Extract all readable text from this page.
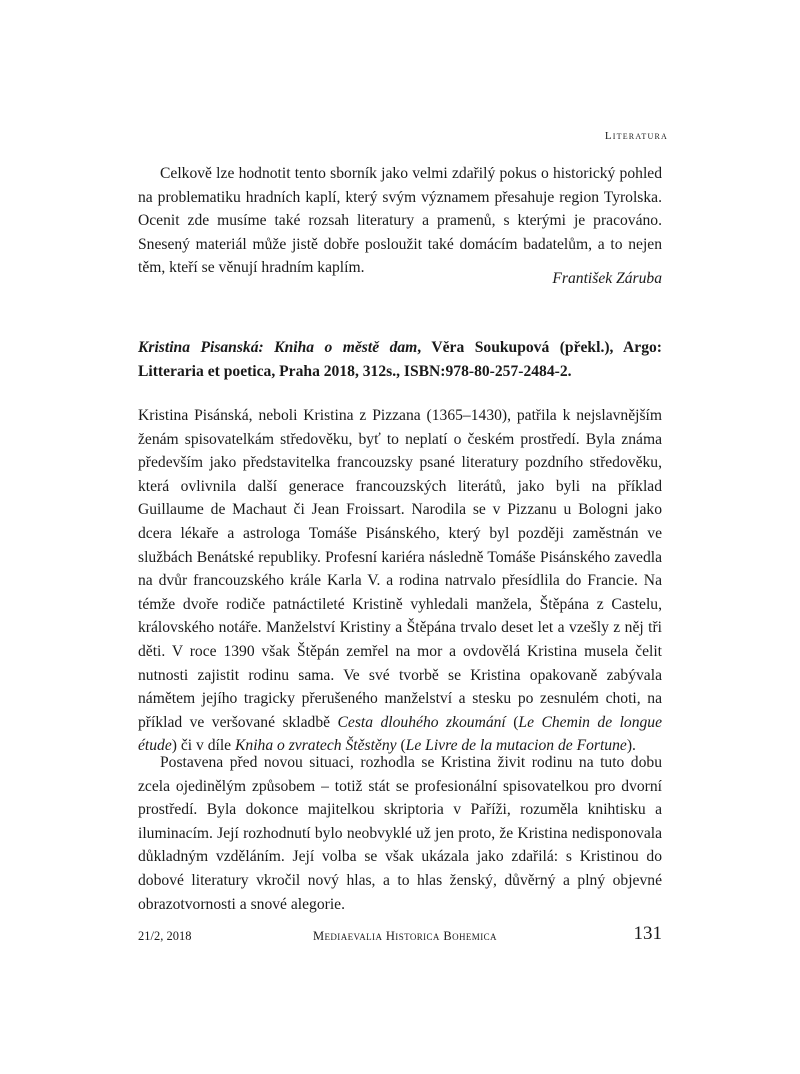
Literatura

Celkově lze hodnotit tento sborník jako velmi zdařilý pokus o historický pohled na problematiku hradních kaplí, který svým významem přesahuje region Tyrolska. Ocenit zde musíme také rozsah literatury a pramenů, s kterými je pracováno. Snesený materiál může jistě dobře posloužit také domácím badatelům, a to nejen těm, kteří se věnují hradním kaplím.

František Záruba

Kristina Pisanská: Kniha o městě dam, Věra Soukupová (překl.), Argo: Litteraria et poetica, Praha 2018, 312s., ISBN:978-80-257-2484-2.

Kristina Pisánská, neboli Kristina z Pizzana (1365–1430), patřila k nejslavnějším ženám spisovatelkám středověku, byť to neplatí o českém prostředí. Byla známa především jako představitelka francouzsky psané literatury pozdního středověku, která ovlivnila další generace francouzských literátů, jako byli na příklad Guillaume de Machaut či Jean Froissart. Narodila se v Pizzanu u Bologni jako dcera lékaře a astrologa Tomáše Pisánského, který byl později zaměstnán ve službách Benátské republiky. Profesní kariéra následně Tomáše Pisánského zavedla na dvůr francouzského krále Karla V. a rodina natrvalo přesídlila do Francie. Na témže dvoře rodiče patnáctileté Kristině vyhledali manžela, Štěpána z Castelu, královského notáře. Manželství Kristiny a Štěpána trvalo deset let a vzešly z něj tři děti. V roce 1390 však Štěpán zemřel na mor a ovdovělá Kristina musela čelit nutnosti zajistit rodinu sama. Ve své tvorbě se Kristina opakovaně zabývala námětem jejího tragicky přerušeného manželství a stesku po zesnulém choti, na příklad ve veršované skladbě Cesta dlouhého zkoumání (Le Chemin de longue étude) či v díle Kniha o zvratech Štěstěny (Le Livre de la mutacion de Fortune).

Postavena před novou situaci, rozhodla se Kristina živit rodinu na tuto dobu zcela ojedinělým způsobem – totiž stát se profesionální spisovatelkou pro dvorní prostředí. Byla dokonce majitelkou skriptoria v Paříži, rozuměla knihtisku a iluminacím. Její rozhodnutí bylo neobvyklé už jen proto, že Kristina nedisponovala důkladným vzděláním. Její volba se však ukázala jako zdařilá: s Kristinou do dobové literatury vkročil nový hlas, a to hlas ženský, důvěrný a plný objevné obrazotvornosti a snové alegorie.

21/2, 2018	Mediaevalia Historica Bohemica	131
